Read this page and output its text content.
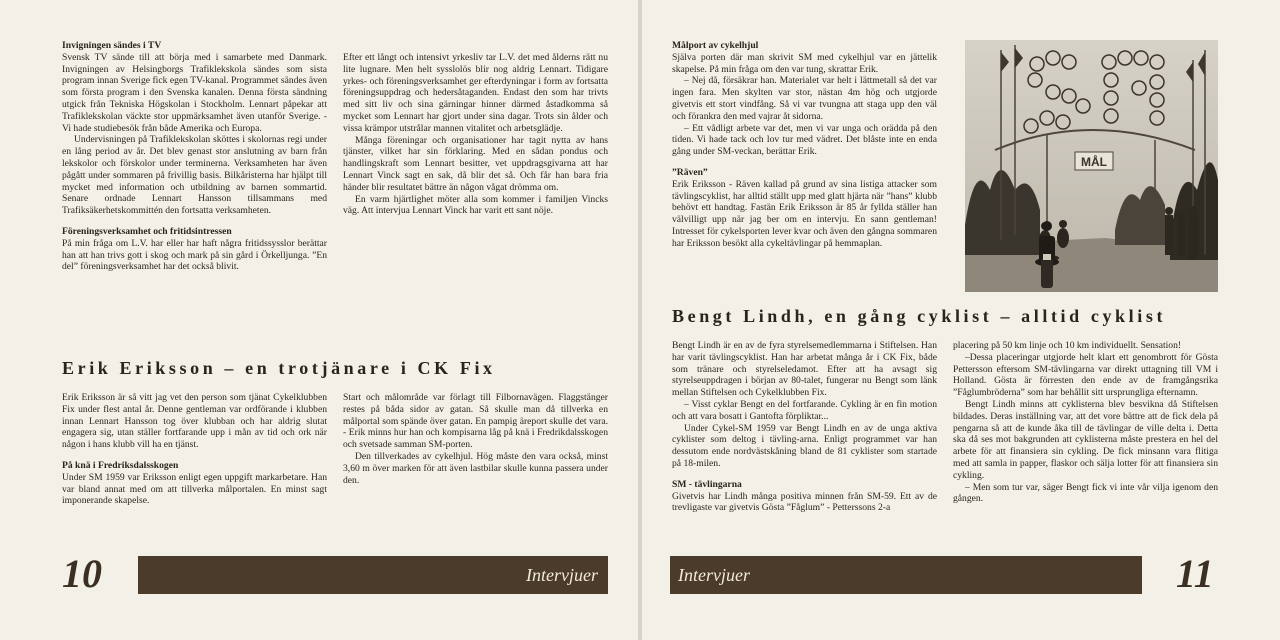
Invigningen sändes i TV

Svensk TV sände till att börja med i samarbete med Danmark. Invigningen av Helsingborgs Trafiklekskola sändes som sista program innan Sverige fick egen TV-kanal. Programmet sändes även som första program i den Svenska kanalen. Denna första sändning utgick från Tekniska Högskolan i Stockholm. Lennart påpekar att Trafiklekskolan väckte stor uppmärksamhet även utanför Sverige. - Vi hade studiebesök från både Amerika och Europa.

Undervisningen på Trafiklekskolan sköttes i skolornas regi under en lång period av år. Det blev genast stor anslutning av barn från lekskolor och förskolor under terminerna. Verksamheten har även pågått under sommaren på frivillig basis. Bilkåristerna har hjälpt till mycket med information och utbildning av barnen sommartid. Senare ordnade Lennart Hansson tillsammans med Trafiksäkerhetskommittén den fortsatta verksamheten.

Föreningsverksamhet och fritidsintressen

På min fråga om L.V. har eller har haft några fritidssysslor berättar han att han trivs gott i skog och mark på sin gård i Örkelljunga. ”En del” föreningsverksamhet har det också blivit.

Efter ett långt och intensivt yrkesliv tar L.V. det med ålderns rätt nu lite lugnare. Men helt sysslolös blir nog aldrig Lennart. Tidigare yrkes- och föreningsverksamhet ger efterdyningar i form av fortsatta föreningsuppdrag och hedersåtaganden. Endast den som har trivts med sitt liv och sina gärningar hinner därmed åstadkomma så mycket som Lennart har gjort under sina dagar. Trots sin ålder och vissa krämpor utstrålar mannen vitalitet och arbetsglädje.

Många föreningar och organisationer har tagit nytta av hans tjänster, vilket har sin förklaring. Med en sådan pondus och handlingskraft som Lennart besitter, vet uppdragsgivarna att har Lennart Vinck sagt en sak, då blir det så. Och får han bara fria händer blir resultatet bättre än någon vågat drömma om.

En varm hjärtlighet möter alla som kommer i familjen Vincks väg. Att intervjua Lennart Vinck har varit ett sant nöje.

Erik Eriksson – en trotjänare i CK Fix

Erik Eriksson är så vitt jag vet den person som tjänat Cykelklubben Fix under flest antal år. Denne gentleman var ordförande i klubben innan Lennart Hansson tog över klubban och har aldrig slutat engagera sig, utan ställer fortfarande upp i mån av tid och ork när någon i hans klubb vill ha en tjänst.

På knä i Fredriksdalsskogen

Under SM 1959 var Eriksson enligt egen uppgift markarbetare. Han var bland annat med om att tillverka målportalen. En minst sagt imponerande skapelse.

Start och målområde var förlagt till Filbornavägen. Flaggstänger restes på båda sidor av gatan. Så skulle man då tillverka en målportal som spände över gatan. En pampig äreport skulle det vara. - Erik minns hur han och kompisarna låg på knä i Fredrikdalsskogen och svetsade samman SM-porten.

Den tillverkades av cykelhjul. Hög måste den vara också, minst 3,60 m över marken för att även lastbilar skulle kunna passera under den.

10	Intervjuer
Målport av cykelhjul

Själva porten där man skrivit SM med cykelhjul var en jättelik skapelse. På min fråga om den var tung, skrattar Erik.

– Nej då, försäkrar han. Materialet var helt i lättmetall så det var ingen fara. Men skylten var stor, nästan 4m hög och utgjorde givetvis ett stort vindfång. Så vi var tvungna att staga upp den väl och förankra den med vajrar åt sidorna.

– Ett vådligt arbete var det, men vi var unga och orädda på den tiden. Vi hade tack och lov tur med vädret. Det blåste inte en enda gång under SM-veckan, berättar Erik.

”Räven”

Erik Eriksson - Räven kallad på grund av sina listiga attacker som tävlingscyklist, har alltid ställt upp med glatt hjärta när ”hans” klubb behövt ett handtag. Fastän Erik Eriksson är 85 år fyllda ställer han välvilligt upp när jag ber om en intervju. En sann gentleman! Intresset för cykelsporten lever kvar och även den gångna sommaren har Eriksson besökt alla cykeltävlingar på hemmaplan.

Bengt Lindh, en gång cyklist – alltid cyklist

Bengt Lindh är en av de fyra styrelsemedlemmarna i Stiftelsen. Han har varit tävlingscyklist. Han har arbetat många år i CK Fix, både som tränare och styrelseledamot. Efter att ha avsagt sig styrelseuppdragen i början av 80-talet, fungerar nu Bengt som länk mellan Stiftelsen och Cykelklubben Fix.

– Visst cyklar Bengt en del fortfarande. Cykling är en fin motion och att vara bosatt i Gantofta förpliktar...

Under Cykel-SM 1959 var Bengt Lindh en av de unga aktiva cyklister som deltog i tävling-arna. Enligt programmet var han dessutom ende nordvästskåning bland de 81 cyklister som startade på 18-milen.

SM - tävlingarna

Givetvis har Lindh många positiva minnen från SM-59. Ett av de trevligaste var givetvis Gösta ”Fåglum” - Petterssons 2-a

placering på 50 km linje och 10 km individuellt. Sensation!

–Dessa placeringar utgjorde helt klart ett genombrott för Gösta Pettersson eftersom SM-tävlingarna var direkt uttagning till VM i Holland. Gösta är förresten den ende av de framgångsrika ”Fåglumbröderna” som har behållit sitt ursprungliga efternamn.

Bengt Lindh minns att cyklisterna blev besvikna då Stiftelsen bildades. Deras inställning var, att det vore bättre att de fick dela på pengarna så att de kunde åka till de tävlingar de ville delta i. Detta ska då ses mot bakgrunden att cyklisterna måste prestera en hel del arbete för att finansiera sin cykling. De fick minsann vara flitiga med att samla in papper, flaskor och sälja lotter för att finansiera sin cykling.

– Men som tur var, säger Bengt fick vi inte vår vilja igenom den gången.

Intervjuer	11
MÅL
